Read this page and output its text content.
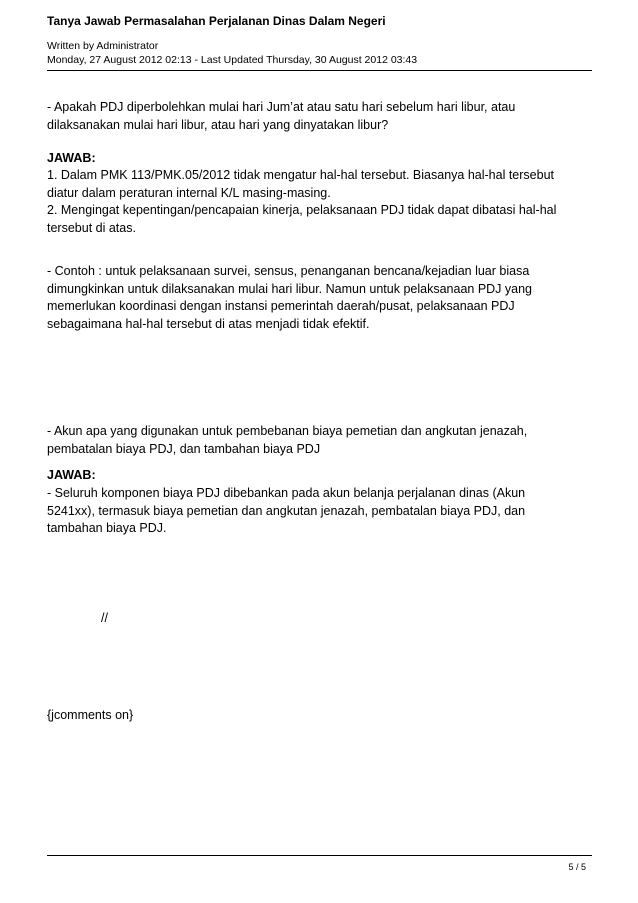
Tanya Jawab Permasalahan Perjalanan Dinas Dalam Negeri
Written by Administrator
Monday, 27 August 2012 02:13 - Last Updated Thursday, 30 August 2012 03:43
- Apakah PDJ diperbolehkan mulai hari Jum’at atau satu hari sebelum hari libur, atau
dilaksanakan mulai hari libur, atau hari yang dinyatakan libur?
JAWAB:
1. Dalam PMK 113/PMK.05/2012 tidak mengatur hal-hal tersebut. Biasanya hal-hal tersebut
diatur dalam peraturan internal K/L masing-masing.
2. Mengingat kepentingan/pencapaian kinerja, pelaksanaan PDJ tidak dapat dibatasi hal-hal
tersebut di atas.
- Contoh : untuk pelaksanaan survei, sensus, penanganan bencana/kejadian luar biasa
dimungkinkan untuk dilaksanakan mulai hari libur. Namun untuk pelaksanaan PDJ yang
memerlukan koordinasi dengan instansi pemerintah daerah/pusat, pelaksanaan PDJ
sebagaimana hal-hal tersebut di atas menjadi tidak efektif.
- Akun apa yang digunakan untuk pembebanan biaya pemetian dan angkutan jenazah,
pembatalan biaya PDJ, dan tambahan biaya PDJ
JAWAB:
- Seluruh komponen biaya PDJ dibebankan pada akun belanja perjalanan dinas (Akun
5241xx), termasuk biaya pemetian dan angkutan jenazah, pembatalan biaya PDJ, dan
tambahan biaya PDJ.
//
{jcomments on}
5 / 5
